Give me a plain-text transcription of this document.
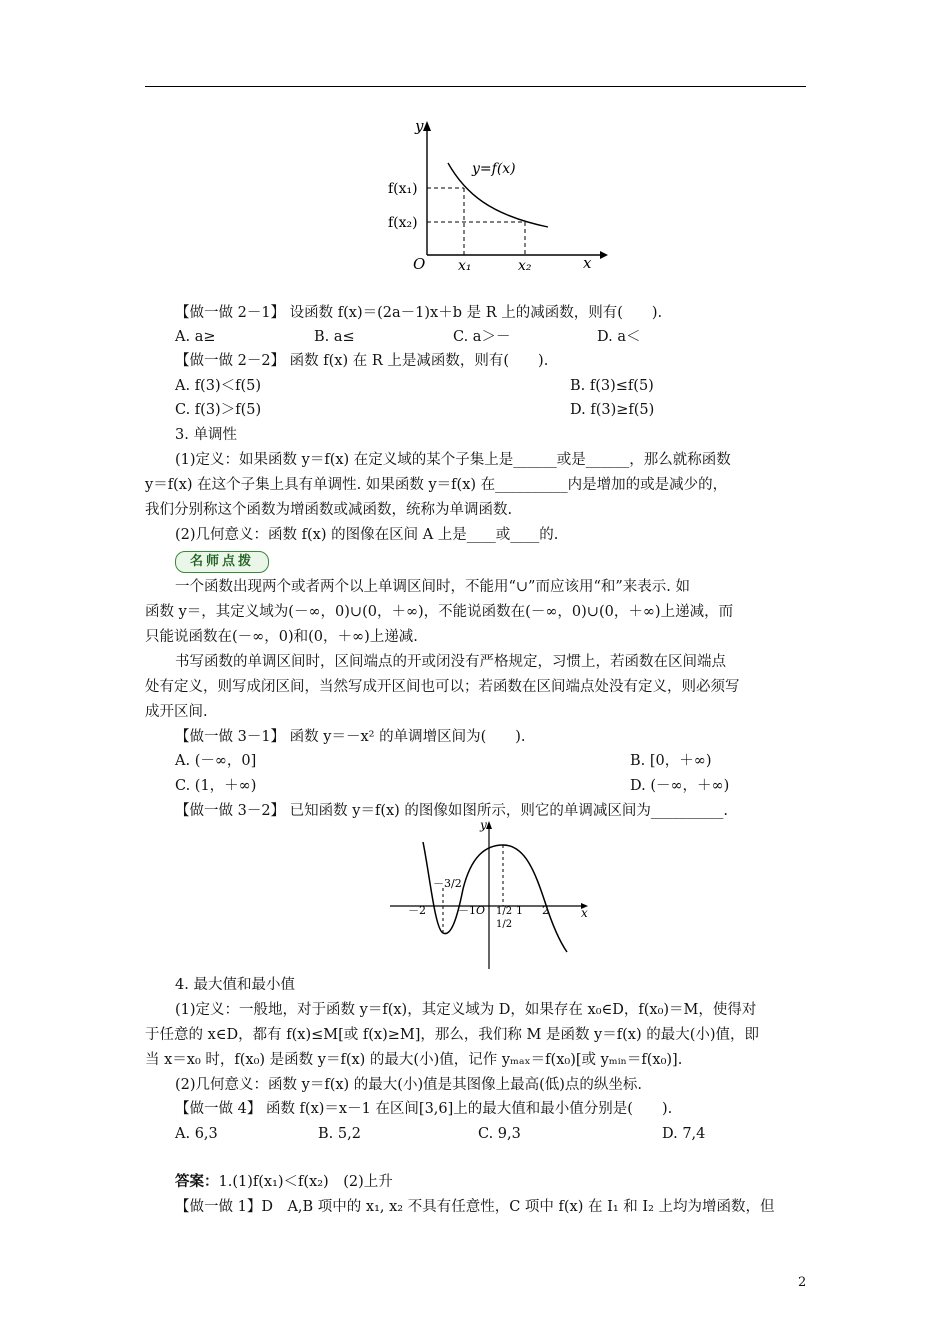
y
x
O
y=f(x)
f(x₁)
f(x₂)
x₁	x₂
【做一做 2－1】 设函数 f(x)＝(2a－1)x＋b 是 R 上的减函数，则有(　　).
A. a≥	B. a≤	C. a＞－	D. a＜
【做一做 2－2】 函数 f(x) 在 R 上是减函数，则有(　　).
A. f(3)＜f(5)	B. f(3)≤f(5)
C. f(3)＞f(5)	D. f(3)≥f(5)
3. 单调性
(1)定义：如果函数 y＝f(x) 在定义域的某个子集上是______或是______，那么就称函数
y＝f(x) 在这个子集上具有单调性. 如果函数 y＝f(x) 在__________内是增加的或是减少的，
我们分别称这个函数为增函数或减函数，统称为单调函数.
(2)几何意义：函数 f(x) 的图像在区间 A 上是____或____的.
名师点拨
一个函数出现两个或者两个以上单调区间时，不能用“∪”而应该用“和”来表示. 如
函数 y＝，其定义域为(－∞，0)∪(0，＋∞)，不能说函数在(－∞，0)∪(0，＋∞)上递减，而
只能说函数在(－∞，0)和(0，＋∞)上递减.
书写函数的单调区间时，区间端点的开或闭没有严格规定，习惯上，若函数在区间端点
处有定义，则写成闭区间，当然写成开区间也可以；若函数在区间端点处没有定义，则必须写
成开区间.
【做一做 3－1】 函数 y＝－x² 的单调增区间为(　　).
A. (－∞，0]	B. [0，＋∞)
C. (1，＋∞)	D. (－∞，＋∞)
【做一做 3－2】 已知函数 y＝f(x) 的图像如图所示，则它的单调减区间为__________.
y
x
－3/2
－2	－1 O 1/2 1 2
1/2
4. 最大值和最小值
(1)定义：一般地，对于函数 y＝f(x)，其定义域为 D，如果存在 x₀∈D，f(x₀)＝M，使得对
于任意的 x∈D，都有 f(x)≤M[或 f(x)≥M]，那么，我们称 M 是函数 y＝f(x) 的最大(小)值，即
当 x＝x₀ 时，f(x₀) 是函数 y＝f(x) 的最大(小)值，记作 yₘₐₓ＝f(x₀)[或 yₘᵢₙ＝f(x₀)].
(2)几何意义：函数 y＝f(x) 的最大(小)值是其图像上最高(低)点的纵坐标.
【做一做 4】 函数 f(x)＝x－1 在区间[3,6]上的最大值和最小值分别是(　　).
A. 6,3	B. 5,2	C. 9,3	D. 7,4
答案：1.(1)f(x₁)＜f(x₂)　(2)上升
【做一做 1】D　A,B 项中的 x₁, x₂ 不具有任意性，C 项中 f(x) 在 I₁ 和 I₂ 上均为增函数，但
2
